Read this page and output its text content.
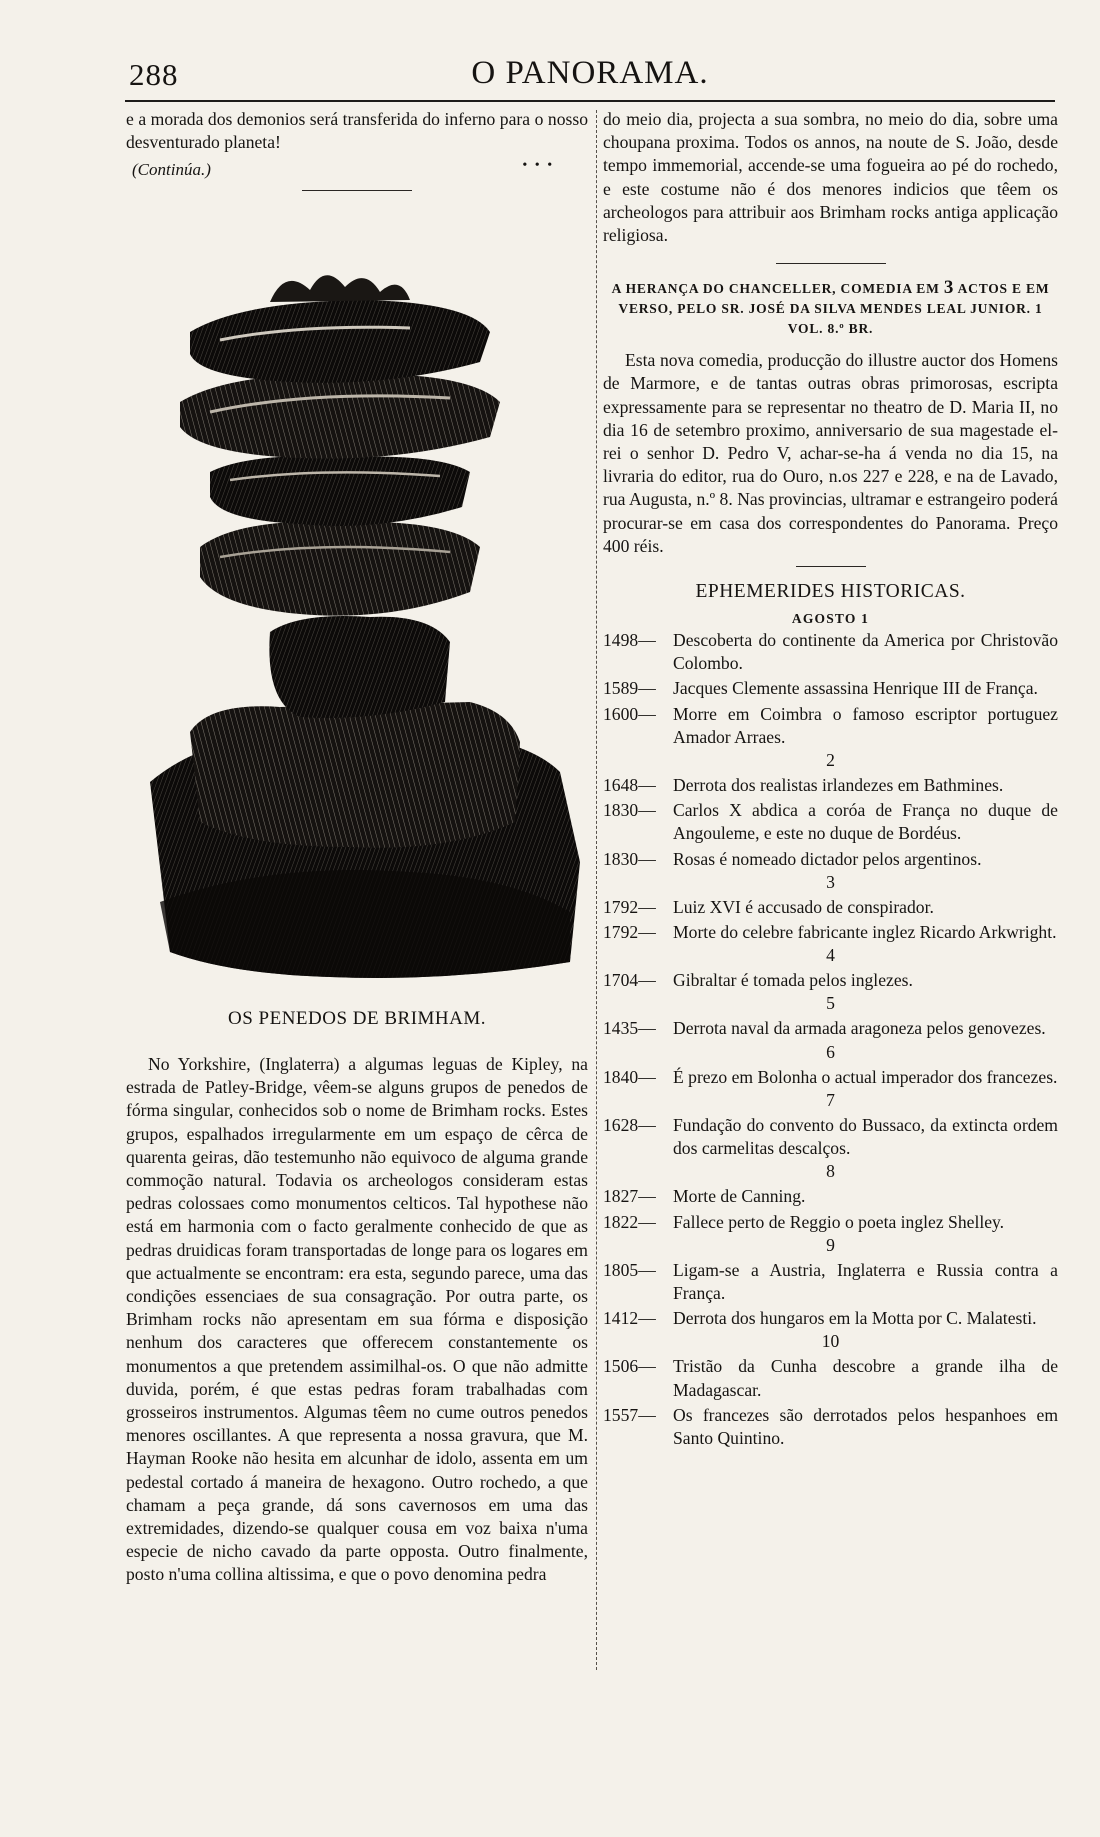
288	O PANORAMA.

e a morada dos demonios será transferida do inferno para o nosso desventurado planeta!

(Continúa.)	• • •
OS PENEDOS DE BRIMHAM.

No Yorkshire, (Inglaterra) a algumas leguas de Kipley, na estrada de Patley-Bridge, vêem-se alguns grupos de penedos de fórma singular, conhecidos sob o nome de Brimham rocks. Estes grupos, espalhados irregularmente em um espaço de cêrca de quarenta geiras, dão testemunho não equivoco de alguma grande commoção natural. Todavia os archeologos consideram estas pedras colossaes como monumentos celticos. Tal hypothese não está em harmonia com o facto geralmente conhecido de que as pedras druidicas foram transportadas de longe para os logares em que actualmente se encontram: era esta, segundo parece, uma das condições essenciaes de sua consagração. Por outra parte, os Brimham rocks não apresentam em sua fórma e disposição nenhum dos caracteres que offerecem constantemente os monumentos a que pretendem assimilhal-os. O que não admitte duvida, porém, é que estas pedras foram trabalhadas com grosseiros instrumentos. Algumas têem no cume outros penedos menores oscillantes. A que representa a nossa gravura, que M. Hayman Rooke não hesita em alcunhar de idolo, assenta em um pedestal cortado á maneira de hexagono. Outro rochedo, a que chamam a peça grande, dá sons cavernosos em uma das extremidades, dizendo-se qualquer cousa em voz baixa n'uma especie de nicho cavado da parte opposta. Outro finalmente, posto n'uma collina altissima, e que o povo denomina pedra

do meio dia, projecta a sua sombra, no meio do dia, sobre uma choupana proxima. Todos os annos, na noute de S. João, desde tempo immemorial, accende-se uma fogueira ao pé do rochedo, e este costume não é dos menores indicios que têem os archeologos para attribuir aos Brimham rocks antiga applicação religiosa.

A HERANÇA DO CHANCELLER, COMEDIA EM 3 ACTOS E EM VERSO, PELO SR. JOSÉ DA SILVA MENDES LEAL JUNIOR. 1 VOL. 8.º BR.

Esta nova comedia, producção do illustre auctor dos Homens de Marmore, e de tantas outras obras primorosas, escripta expressamente para se representar no theatro de D. Maria II, no dia 16 de setembro proximo, anniversario de sua magestade el-rei o senhor D. Pedro V, achar-se-ha á venda no dia 15, na livraria do editor, rua do Ouro, n.os 227 e 228, e na de Lavado, rua Augusta, n.º 8. Nas provincias, ultramar e estrangeiro poderá procurar-se em casa dos correspondentes do Panorama. Preço 400 réis.

EPHEMERIDES HISTORICAS.
AGOSTO 1
1498— Descoberta do continente da America por Christovão Colombo.
1589— Jacques Clemente assassina Henrique III de França.
1600— Morre em Coimbra o famoso escriptor portuguez Amador Arraes.
2
1648— Derrota dos realistas irlandezes em Bathmines.
1830— Carlos X abdica a coróa de França no duque de Angouleme, e este no duque de Bordéus.
1830— Rosas é nomeado dictador pelos argentinos.
3
1792— Luiz XVI é accusado de conspirador.
1792— Morte do celebre fabricante inglez Ricardo Arkwright.
4
1704— Gibraltar é tomada pelos inglezes.
5
1435— Derrota naval da armada aragoneza pelos genovezes.
6
1840— É prezo em Bolonha o actual imperador dos francezes.
7
1628— Fundação do convento do Bussaco, da extincta ordem dos carmelitas descalços.
8
1827— Morte de Canning.
1822— Fallece perto de Reggio o poeta inglez Shelley.
9
1805— Ligam-se a Austria, Inglaterra e Russia contra a França.
1412— Derrota dos hungaros em la Motta por C. Malatesti.
10
1506— Tristão da Cunha descobre a grande ilha de Madagascar.
1557— Os francezes são derrotados pelos hespanhoes em Santo Quintino.
